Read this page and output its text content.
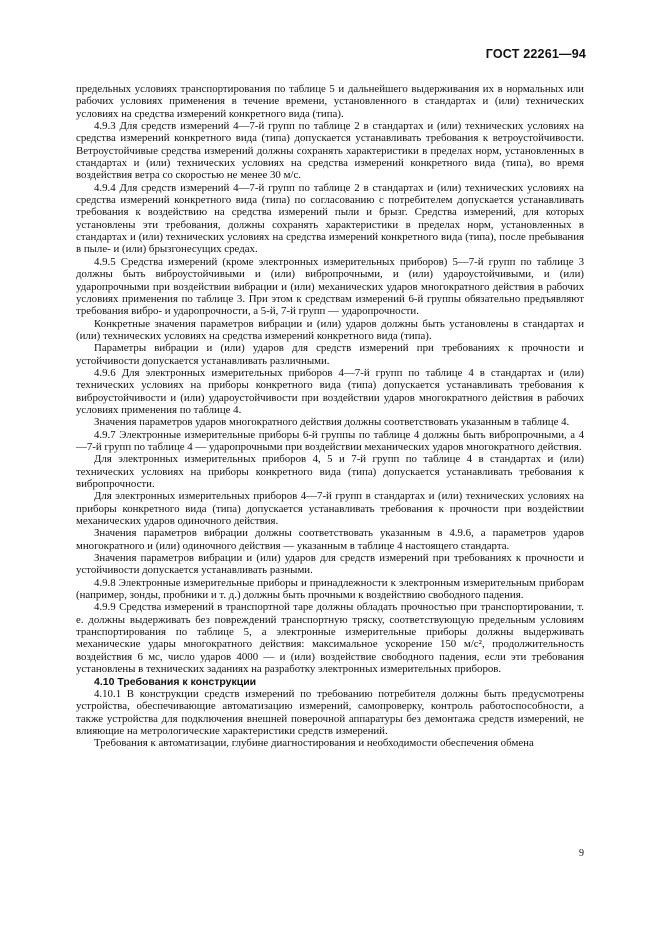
ГОСТ 22261—94

предельных условиях транспортирования по таблице 5 и дальнейшего выдерживания их в нормальных или рабочих условиях применения в течение времени, установленного в стандартах и (или) технических условиях на средства измерений конкретного вида (типа).

4.9.3 Для средств измерений 4—7-й групп по таблице 2 в стандартах и (или) технических условиях на средства измерений конкретного вида (типа) допускается устанавливать требования к ветроустойчивости. Ветроустойчивые средства измерений должны сохранять характеристики в пределах норм, установленных в стандартах и (или) технических условиях на средства измерений конкретного вида (типа), во время воздействия ветра со скоростью не менее 30 м/с.

4.9.4 Для средств измерений 4—7-й групп по таблице 2 в стандартах и (или) технических условиях на средства измерений конкретного вида (типа) по согласованию с потребителем допускается устанавливать требования к воздействию на средства измерений пыли и брызг. Средства измерений, для которых установлены эти требования, должны сохранять характеристики в пределах норм, установленных в стандартах и (или) технических условиях на средства измерений конкретного вида (типа), после пребывания в пыле- и (или) брызгонесущих средах.

4.9.5 Средства измерений (кроме электронных измерительных приборов) 5—7-й групп по таблице 3 должны быть виброустойчивыми и (или) вибропрочными, и (или) удароустойчивыми, и (или) ударопрочными при воздействии вибрации и (или) механических ударов многократного действия в рабочих условиях применения по таблице 3. При этом к средствам измерений 6-й группы обязательно предъявляют требования вибро- и ударопрочности, а 5-й, 7-й групп — ударопрочности.

Конкретные значения параметров вибрации и (или) ударов должны быть установлены в стандартах и (или) технических условиях на средства измерений конкретного вида (типа).

Параметры вибрации и (или) ударов для средств измерений при требованиях к прочности и устойчивости допускается устанавливать различными.

4.9.6 Для электронных измерительных приборов 4—7-й групп по таблице 4 в стандартах и (или) технических условиях на приборы конкретного вида (типа) допускается устанавливать требования к виброустойчивости и (или) удароустойчивости при воздействии ударов многократного действия в рабочих условиях применения по таблице 4.

Значения параметров ударов многократного действия должны соответствовать указанным в таблице 4.

4.9.7 Электронные измерительные приборы 6-й группы по таблице 4 должны быть вибропрочными, а 4—7-й групп по таблице 4 — ударопрочными при воздействии механических ударов многократного действия.

Для электронных измерительных приборов 4, 5 и 7-й групп по таблице 4 в стандартах и (или) технических условиях на приборы конкретного вида (типа) допускается устанавливать требования к вибропрочности.

Для электронных измерительных приборов 4—7-й групп в стандартах и (или) технических условиях на приборы конкретного вида (типа) допускается устанавливать требования к прочности при воздействии механических ударов одиночного действия.

Значения параметров вибрации должны соответствовать указанным в 4.9.6, а параметров ударов многократного и (или) одиночного действия — указанным в таблице 4 настоящего стандарта.

Значения параметров вибрации и (или) ударов для средств измерений при требованиях к прочности и устойчивости допускается устанавливать разными.

4.9.8 Электронные измерительные приборы и принадлежности к электронным измерительным приборам (например, зонды, пробники и т. д.) должны быть прочными к воздействию свободного падения.

4.9.9 Средства измерений в транспортной таре должны обладать прочностью при транспортировании, т. е. должны выдерживать без повреждений транспортную тряску, соответствующую предельным условиям транспортирования по таблице 5, а электронные измерительные приборы должны выдерживать механические удары многократного действия: максимальное ускорение 150 м/с², продолжительность воздействия 6 мс, число ударов 4000 — и (или) воздействие свободного падения, если эти требования установлены в технических заданиях на разработку электронных измерительных приборов.

4.10 Требования к конструкции

4.10.1 В конструкции средств измерений по требованию потребителя должны быть предусмотрены устройства, обеспечивающие автоматизацию измерений, самопроверку, контроль работоспособности, а также устройства для подключения внешней поверочной аппаратуры без демонтажа средств измерений, не влияющие на метрологические характеристики средств измерений.

Требования к автоматизации, глубине диагностирования и необходимости обеспечения обмена

9
